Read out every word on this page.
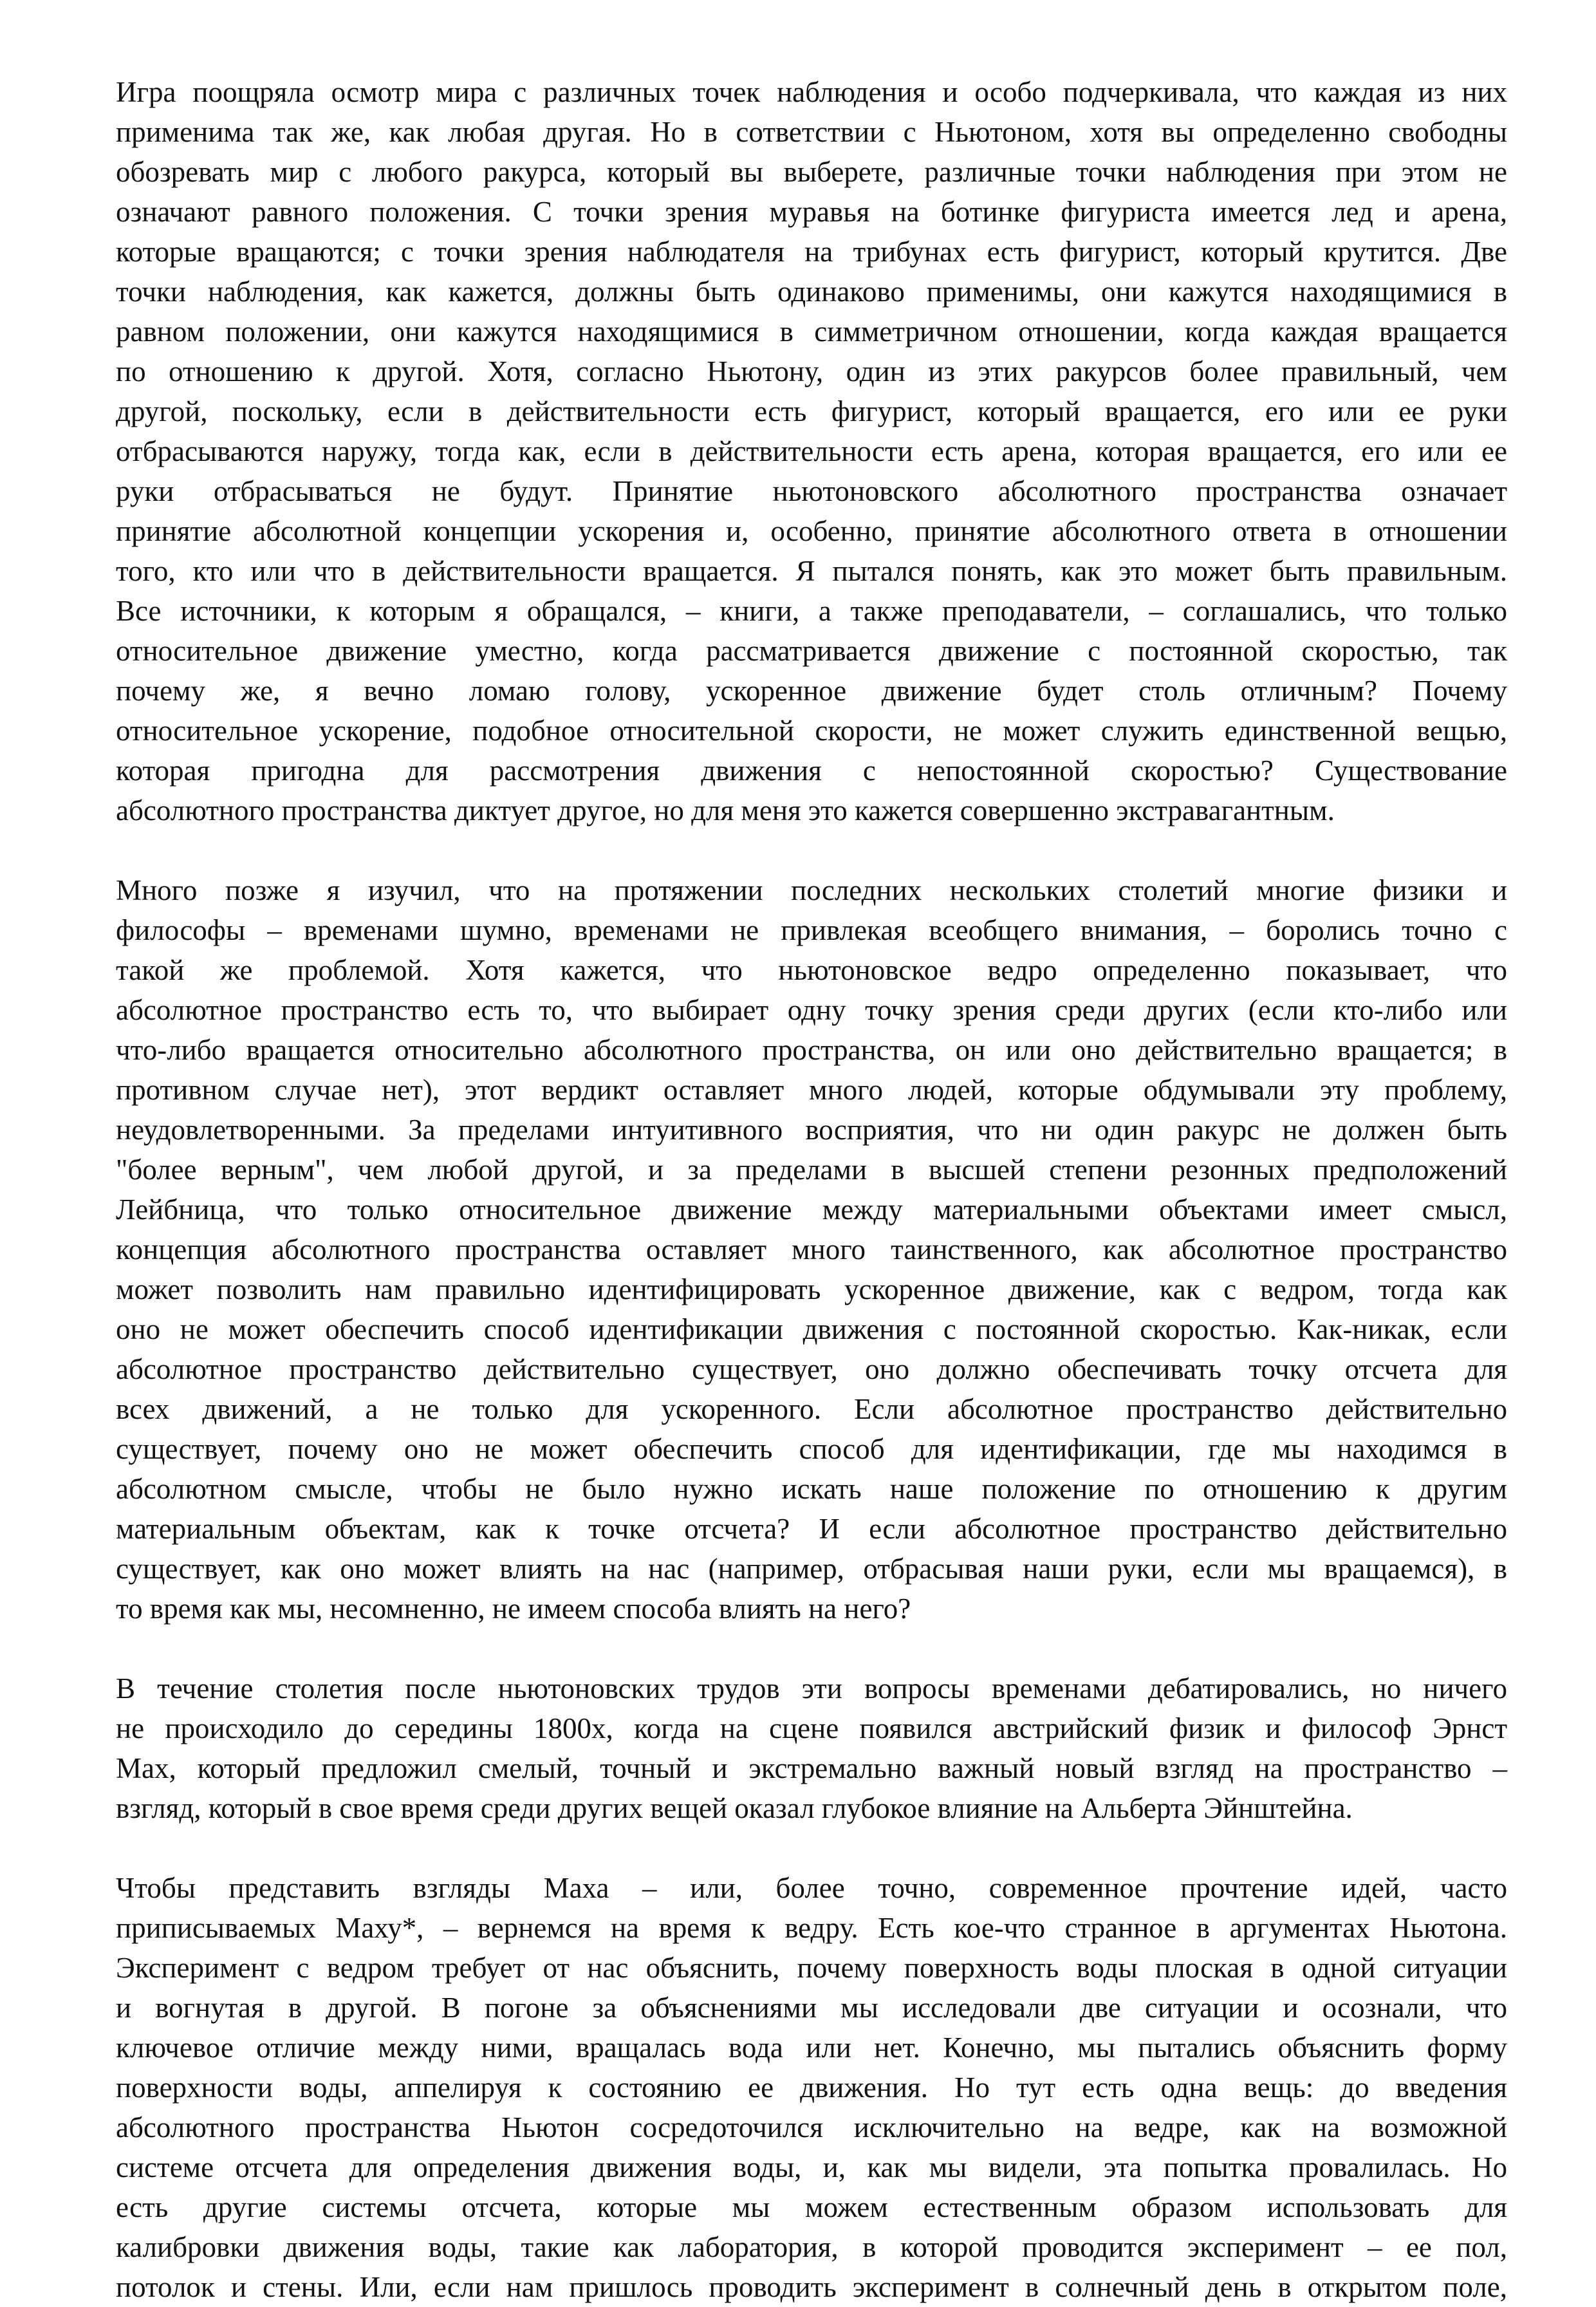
Игра поощряла осмотр мира с различных точек наблюдения и особо подчеркивала, что каждая из них
применима так же, как любая другая. Но в сответствии с Ньютоном, хотя вы определенно свободны
обозревать мир с любого ракурса, который вы выберете, различные точки наблюдения при этом не
означают равного положения. С точки зрения муравья на ботинке фигуриста имеется лед и арена,
которые вращаются; с точки зрения наблюдателя на трибунах есть фигурист, который крутится. Две
точки наблюдения, как кажется, должны быть одинаково применимы, они кажутся находящимися в
равном положении, они кажутся находящимися в симметричном отношении, когда каждая вращается
по отношению к другой. Хотя, согласно Ньютону, один из этих ракурсов более правильный, чем
другой, поскольку, если в действительности есть фигурист, который вращается, его или ее руки
отбрасываются наружу, тогда как, если в действительности есть арена, которая вращается, его или ее
руки отбрасываться не будут. Принятие ньютоновского абсолютного пространства означает
принятие абсолютной концепции ускорения и, особенно, принятие абсолютного ответа в отношении
того, кто или что в действительности вращается. Я пытался понять, как это может быть правильным.
Все источники, к которым я обращался, – книги, а также преподаватели, – соглашались, что только
относительное движение уместно, когда рассматривается движение с постоянной скоростью, так
почему же, я вечно ломаю голову, ускоренное движение будет столь отличным? Почему
относительное ускорение, подобное относительной скорости, не может служить единственной вещью,
которая пригодна для рассмотрения движения с непостоянной скоростью? Существование
абсолютного пространства диктует другое, но для меня это кажется совершенно экстравагантным.

Много позже я изучил, что на протяжении последних нескольких столетий многие физики и
философы – временами шумно, временами не привлекая всеобщего внимания, – боролись точно с
такой же проблемой. Хотя кажется, что ньютоновское ведро определенно показывает, что
абсолютное пространство есть то, что выбирает одну точку зрения среди других (если кто-либо или
что-либо вращается относительно абсолютного пространства, он или оно действительно вращается; в
противном случае нет), этот вердикт оставляет много людей, которые обдумывали эту проблему,
неудовлетворенными. За пределами интуитивного восприятия, что ни один ракурс не должен быть
"более верным", чем любой другой, и за пределами в высшей степени резонных предположений
Лейбница, что только относительное движение между материальными объектами имеет смысл,
концепция абсолютного пространства оставляет много таинственного, как абсолютное пространство
может позволить нам правильно идентифицировать ускоренное движение, как с ведром, тогда как
оно не может обеспечить способ идентификации движения с постоянной скоростью. Как-никак, если
абсолютное пространство действительно существует, оно должно обеспечивать точку отсчета для
всех движений, а не только для ускоренного. Если абсолютное пространство действительно
существует, почему оно не может обеспечить способ для идентификации, где мы находимся в
абсолютном смысле, чтобы не было нужно искать наше положение по отношению к другим
материальным объектам, как к точке отсчета? И если абсолютное пространство действительно
существует, как оно может влиять на нас (например, отбрасывая наши руки, если мы вращаемся), в
то время как мы, несомненно, не имеем способа влиять на него?

В течение столетия после ньютоновских трудов эти вопросы временами дебатировались, но ничего
не происходило до середины 1800х, когда на сцене появился австрийский физик и философ Эрнст
Мах, который предложил смелый, точный и экстремально важный новый взгляд на пространство –
взгляд, который в свое время среди других вещей оказал глубокое влияние на Альберта Эйнштейна.

Чтобы представить взгляды Маха – или, более точно, современное прочтение идей, часто
приписываемых Маху*, – вернемся на время к ведру. Есть кое-что странное в аргументах Ньютона.
Эксперимент с ведром требует от нас объяснить, почему поверхность воды плоская в одной ситуации
и вогнутая в другой. В погоне за объяснениями мы исследовали две ситуации и осознали, что
ключевое отличие между ними, вращалась вода или нет. Конечно, мы пытались объяснить форму
поверхности воды, аппелируя к состоянию ее движения. Но тут есть одна вещь: до введения
абсолютного пространства Ньютон сосредоточился исключительно на ведре, как на возможной
системе отсчета для определения движения воды, и, как мы видели, эта попытка провалилась. Но
есть другие системы отсчета, которые мы можем естественным образом использовать для
калибровки движения воды, такие как лаборатория, в которой проводится эксперимент – ее пол,
потолок и стены. Или, если нам пришлось проводить эксперимент в солнечный день в открытом поле,
